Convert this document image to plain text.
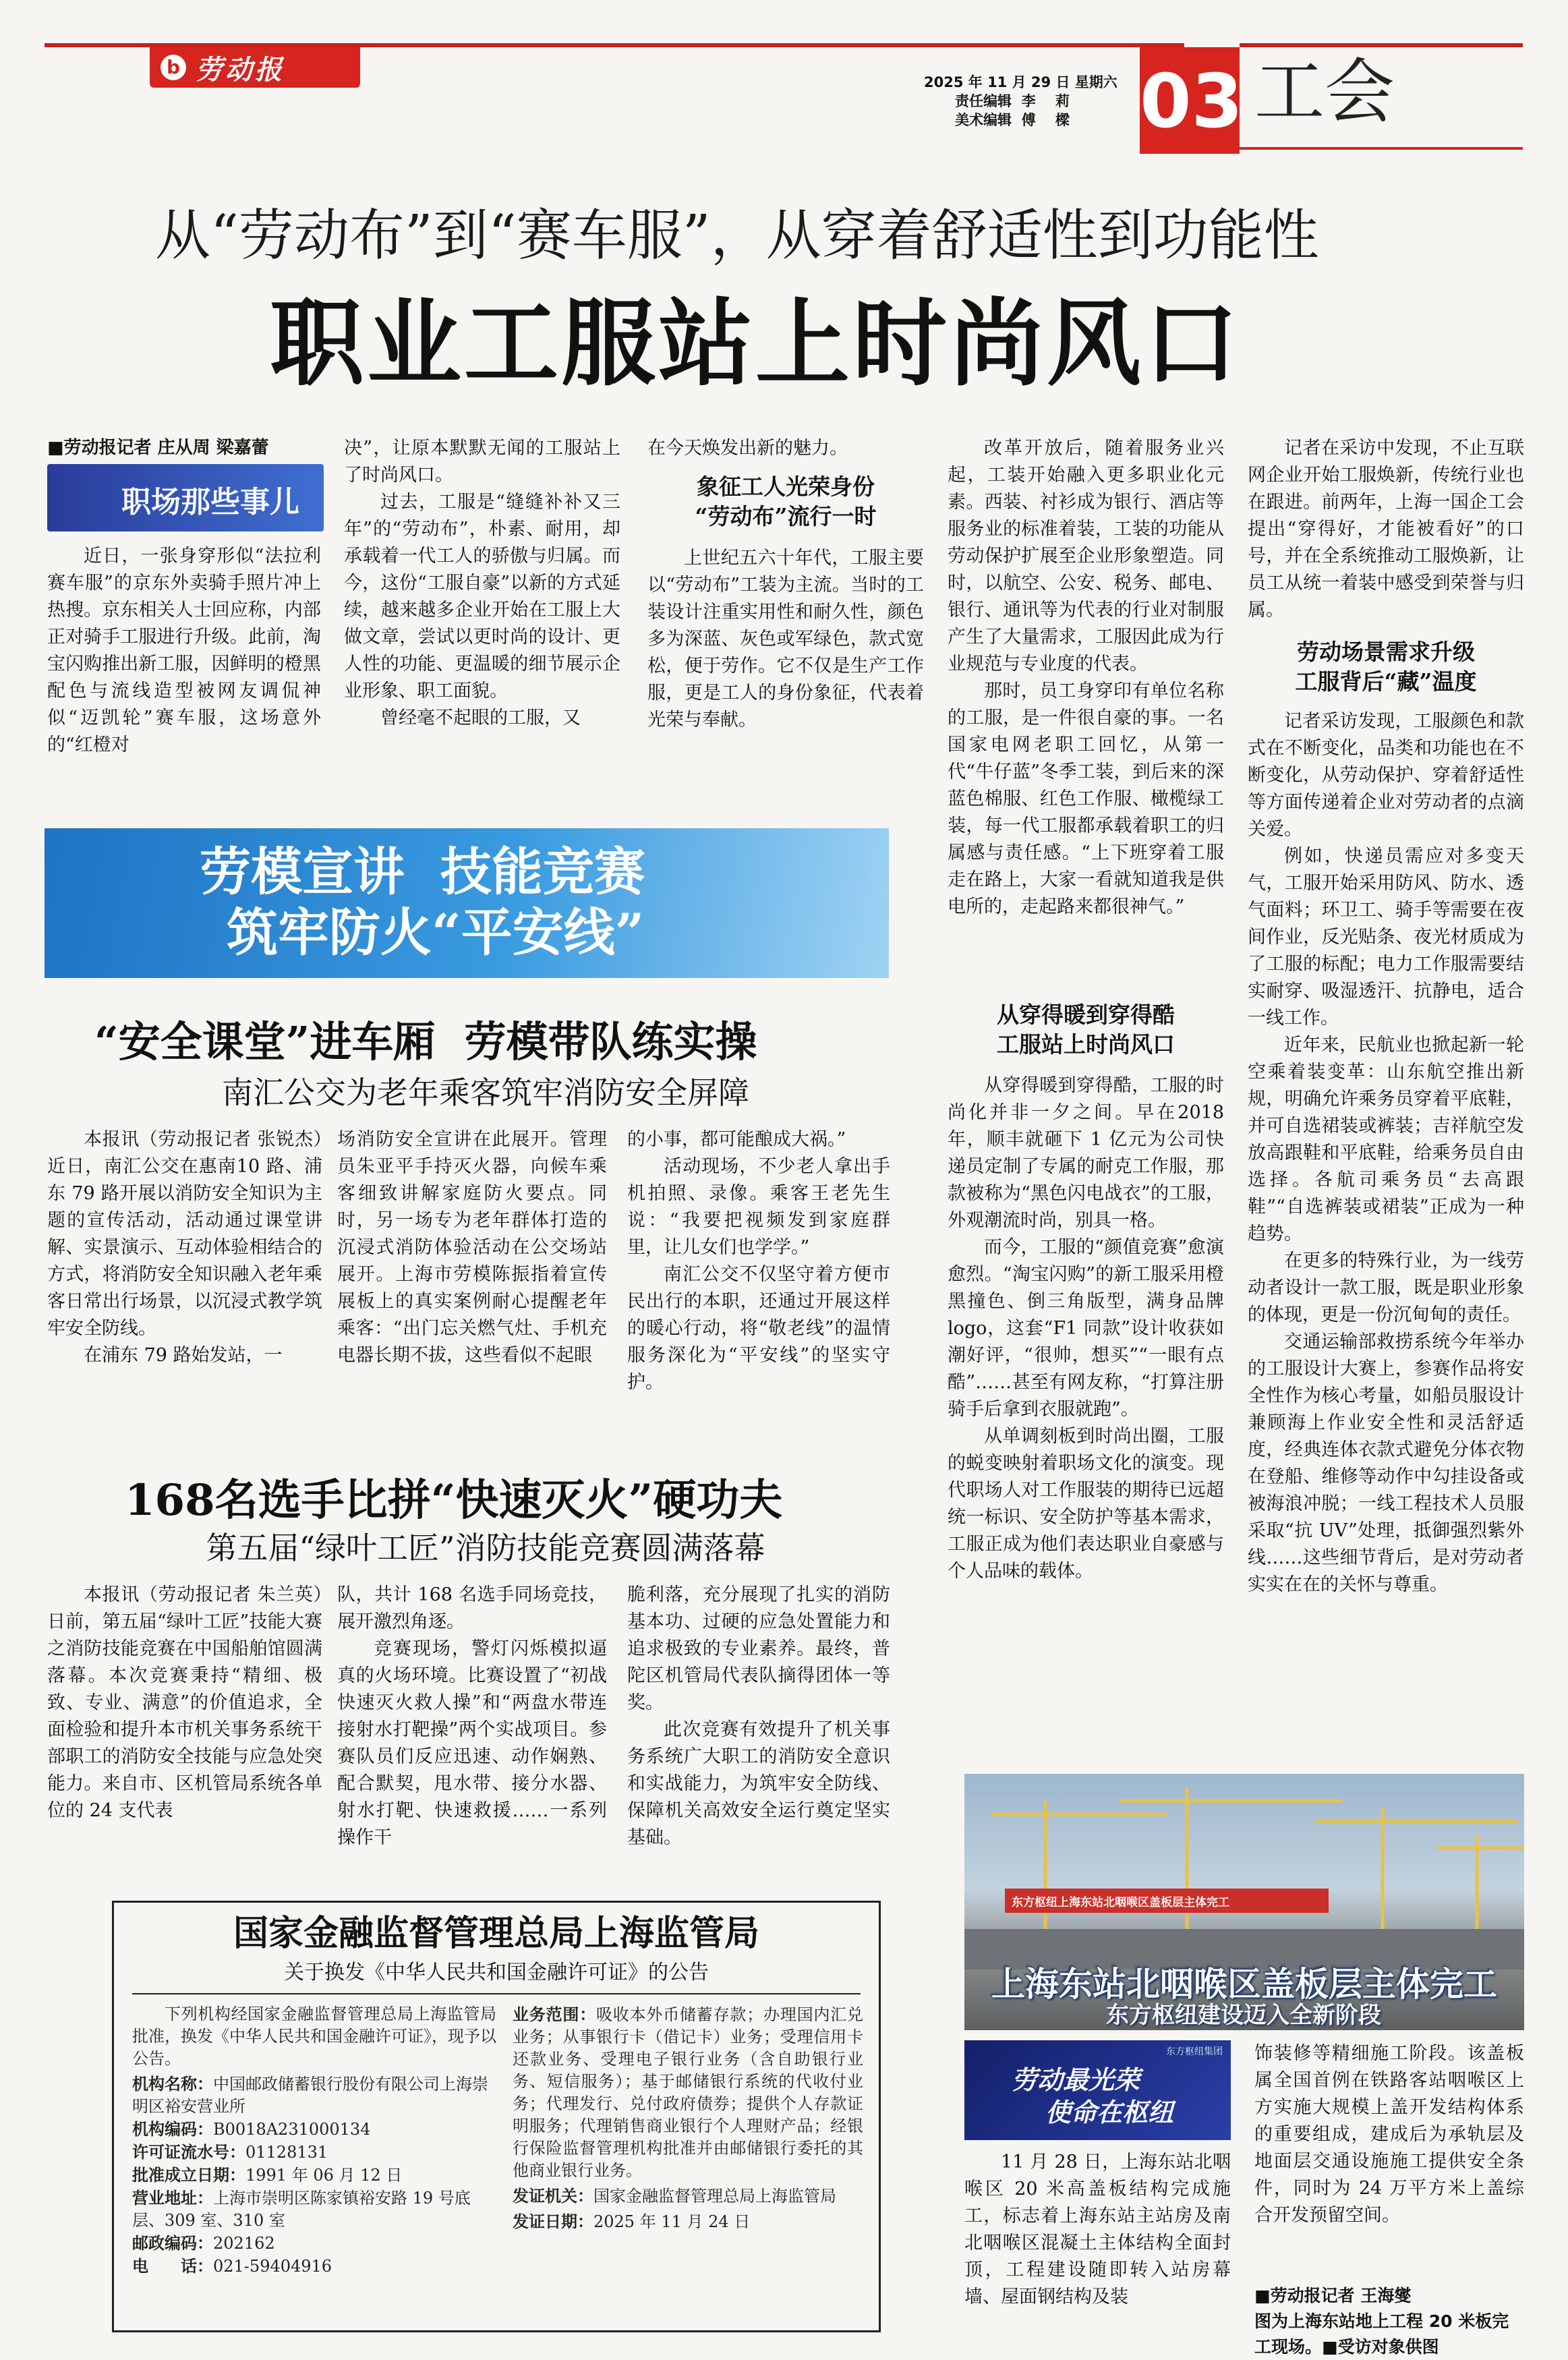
b 劳动报	2025 年 11 月 29 日 星期六
责任编辑  李    莉
美术编辑  傅    樑 03 工会
从“劳动布”到“赛车服”，从穿着舒适性到功能性
职业工服站上时尚风口
■劳动报记者 庄从周 梁嘉蕾
职场那些事儿

近日，一张身穿形似“法拉利赛车服”的京东外卖骑手照片冲上热搜。京东相关人士回应称，内部正对骑手工服进行升级。此前，淘宝闪购推出新工服，因鲜明的橙黑配色与流线造型被网友调侃神似“迈凯轮”赛车服，这场意外的“红橙对

决”，让原本默默无闻的工服站上了时尚风口。

过去，工服是“缝缝补补又三年”的“劳动布”，朴素、耐用，却承载着一代工人的骄傲与归属。而今，这份“工服自豪”以新的方式延续，越来越多企业开始在工服上大做文章，尝试以更时尚的设计、更人性的功能、更温暖的细节展示企业形象、职工面貌。

曾经毫不起眼的工服，又

在今天焕发出新的魅力。

象征工人光荣身份
“劳动布”流行一时

上世纪五六十年代，工服主要以“劳动布”工装为主流。当时的工装设计注重实用性和耐久性，颜色多为深蓝、灰色或军绿色，款式宽松，便于劳作。它不仅是生产工作服，更是工人的身份象征，代表着光荣与奉献。

改革开放后，随着服务业兴起，工装开始融入更多职业化元素。西装、衬衫成为银行、酒店等服务业的标准着装，工装的功能从劳动保护扩展至企业形象塑造。同时，以航空、公安、税务、邮电、银行、通讯等为代表的行业对制服产生了大量需求，工服因此成为行业规范与专业度的代表。

那时，员工身穿印有单位名称的工服，是一件很自豪的事。一名国家电网老职工回忆，从第一代“牛仔蓝”冬季工装，到后来的深蓝色棉服、红色工作服、橄榄绿工装，每一代工服都承载着职工的归属感与责任感。“上下班穿着工服走在路上，大家一看就知道我是供电所的，走起路来都很神气。”

从穿得暖到穿得酷
工服站上时尚风口

从穿得暖到穿得酷，工服的时尚化并非一夕之间。早在2018 年，顺丰就砸下 1 亿元为公司快递员定制了专属的耐克工作服，那款被称为“黑色闪电战衣”的工服，外观潮流时尚，别具一格。

而今，工服的“颜值竞赛”愈演愈烈。“淘宝闪购”的新工服采用橙黑撞色、倒三角版型，满身品牌 logo，这套“F1 同款”设计收获如潮好评，“很帅，想买”“一眼有点酷”……甚至有网友称，“打算注册骑手后拿到衣服就跑”。

从单调刻板到时尚出圈，工服的蜕变映射着职场文化的演变。现代职场人对工作服装的期待已远超统一标识、安全防护等基本需求，工服正成为他们表达职业自豪感与个人品味的载体。

记者在采访中发现，不止互联网企业开始工服焕新，传统行业也在跟进。前两年，上海一国企工会提出“穿得好，才能被看好”的口号，并在全系统推动工服焕新，让员工从统一着装中感受到荣誉与归属。

劳动场景需求升级
工服背后“藏”温度

记者采访发现，工服颜色和款式在不断变化，品类和功能也在不断变化，从劳动保护、穿着舒适性等方面传递着企业对劳动者的点滴关爱。

例如，快递员需应对多变天气，工服开始采用防风、防水、透气面料；环卫工、骑手等需要在夜间作业，反光贴条、夜光材质成为了工服的标配；电力工作服需要结实耐穿、吸湿透汗、抗静电，适合一线工作。

近年来，民航业也掀起新一轮空乘着装变革：山东航空推出新规，明确允许乘务员穿着平底鞋，并可自选裙装或裤装；吉祥航空发放高跟鞋和平底鞋，给乘务员自由选择。各航司乘务员“去高跟鞋”“自选裤装或裙装”正成为一种趋势。

在更多的特殊行业，为一线劳动者设计一款工服，既是职业形象的体现，更是一份沉甸甸的责任。

交通运输部救捞系统今年举办的工服设计大赛上，参赛作品将安全性作为核心考量，如船员服设计兼顾海上作业安全性和灵活舒适度，经典连体衣款式避免分体衣物在登船、维修等动作中勾挂设备或被海浪冲脱；一线工程技术人员服采取“抗 UV”处理，抵御强烈紫外线……这些细节背后，是对劳动者实实在在的关怀与尊重。

劳模宣讲  技能竞赛
筑牢防火“平安线”
“安全课堂”进车厢  劳模带队练实操
南汇公交为老年乘客筑牢消防安全屏障

本报讯（劳动报记者 张锐杰）近日，南汇公交在惠南10 路、浦东 79 路开展以消防安全知识为主题的宣传活动，活动通过课堂讲解、实景演示、互动体验相结合的方式，将消防安全知识融入老年乘客日常出行场景，以沉浸式教学筑牢安全防线。

在浦东 79 路始发站，一

场消防安全宣讲在此展开。管理员朱亚平手持灭火器，向候车乘客细致讲解家庭防火要点。同时，另一场专为老年群体打造的沉浸式消防体验活动在公交场站展开。上海市劳模陈振指着宣传展板上的真实案例耐心提醒老年乘客：“出门忘关燃气灶、手机充电器长期不拔，这些看似不起眼

的小事，都可能酿成大祸。”

活动现场，不少老人拿出手机拍照、录像。乘客王老先生说：“我要把视频发到家庭群里，让儿女们也学学。”

南汇公交不仅坚守着方便市民出行的本职，还通过开展这样的暖心行动，将“敬老线”的温情服务深化为“平安线”的坚实守护。

168名选手比拼“快速灭火”硬功夫
第五届“绿叶工匠”消防技能竞赛圆满落幕

本报讯（劳动报记者 朱兰英）日前，第五届“绿叶工匠”技能大赛之消防技能竞赛在中国船舶馆圆满落幕。本次竞赛秉持“精细、极致、专业、满意”的价值追求，全面检验和提升本市机关事务系统干部职工的消防安全技能与应急处突能力。来自市、区机管局系统各单位的 24 支代表

队，共计 168 名选手同场竞技，展开激烈角逐。

竞赛现场，警灯闪烁模拟逼真的火场环境。比赛设置了“初战快速灭火救人操”和“两盘水带连接射水打靶操”两个实战项目。参赛队员们反应迅速、动作娴熟、配合默契，甩水带、接分水器、射水打靶、快速救援……一系列操作干

脆利落，充分展现了扎实的消防基本功、过硬的应急处置能力和追求极致的专业素养。最终，普陀区机管局代表队摘得团体一等奖。

此次竞赛有效提升了机关事务系统广大职工的消防安全意识和实战能力，为筑牢安全防线、保障机关高效安全运行奠定坚实基础。

国家金融监督管理总局上海监管局
关于换发《中华人民共和国金融许可证》的公告
下列机构经国家金融监督管理总局上海监管局批准，换发《中华人民共和国金融许可证》，现予以公告。
机构名称：中国邮政储蓄银行股份有限公司上海崇明区裕安营业所
机构编码：B0018A231000134
许可证流水号：01128131
批准成立日期：1991 年 06 月 12 日
营业地址：上海市崇明区陈家镇裕安路 19 号底层、309 室、310 室
邮政编码：202162
电　　话：021-59404916
业务范围：吸收本外币储蓄存款；办理国内汇兑业务；从事银行卡（借记卡）业务；受理信用卡还款业务、受理电子银行业务（含自助银行业务、短信服务）；基于邮储银行系统的代收付业务；代理发行、兑付政府债券；提供个人存款证明服务；代理销售商业银行个人理财产品；经银行保险监督管理机构批准并由邮储银行委托的其他商业银行业务。
发证机关：国家金融监督管理总局上海监管局
发证日期：2025 年 11 月 24 日
东方枢纽上海东站北咽喉区盖板层主体完工
上海东站北咽喉区盖板层主体完工
东方枢纽建设迈入全新阶段
东方枢纽集团
劳动最光荣
使命在枢纽

11 月 28 日，上海东站北咽喉区 20 米高盖板结构完成施工，标志着上海东站主站房及南北咽喉区混凝土主体结构全面封顶，工程建设随即转入站房幕墙、屋面钢结构及装

饰装修等精细施工阶段。该盖板属全国首例在铁路客站咽喉区上方实施大规模上盖开发结构体系的重要组成，建成后为承轨层及地面层交通设施施工提供安全条件，同时为 24 万平方米上盖综合开发预留空间。

■劳动报记者 王海燮
图为上海东站地上工程 20 米板完工现场。■受访对象供图
